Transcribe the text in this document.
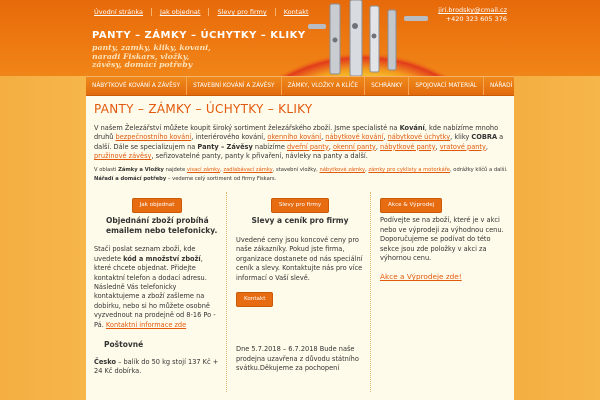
Úvodní stránka	Jak objednat	Slevy pro firmy	Kontakt	jiri.brodsky@cmail.cz
+420 323 605 376
PANTY – ZÁMKY – ÚCHYTKY – KLIKY
panty, zamky, kliky, kovani, naradi Fiskars, vložky, závěsy, domácí potřeby
NÁBYTKOVÉ KOVÁNÍ A ZÁVĚSY	STAVEBNÍ KOVÁNÍ A ZÁVĚSY	ZÁMKY, VLOŽKY A KLÍČE	SCHRÁNKY	SPOJOVACÍ MATERIÁL	NÁŘADÍ
PANTY – ZÁMKY – ÚCHYTKY – KLIKY
V našem Železářství můžete koupit široký sortiment železářského zboží. Jsme specialisté na Kování, kde nabízíme mnoho druhů bezpečnostního kování, interiérového kování, okenního kování, nábytkové kování, nábytkové úchytky, kliky COBRA a další. Dále se specializujem na Panty – Závěsy nabízíme dveřní panty, okenní panty, nábytkové panty, vratové panty, pružinové závěsy, seřizovatelné panty, panty k přivaření, návleky na panty a další.
V oblasti Zámky a Vložky najdete visací zámky, zadlabávací zámky, stavební vložky, nábytkové zámky, zámky pro cyklisty a motorkáře, odrážky klíčů a další. Nářadí a domácí potřeby – vedeme celý sortiment od firmy Fiskars.
Jak objednat
Objednání zboží probíhá emailem nebo telefonicky.
Stačí poslat seznam zboží, kde uvedete kód a množství zboží, které chcete objednat. Přidejte kontaktní telefon a dodací adresu. Následně Vás telefonicky kontaktujeme a zboží zašleme na dobírku, nebo si ho můžete osobně vyzvednout na prodejně od 8-16 Po - Pá. Kontaktní informace zde
Poštovné
Česko – balík do 50 kg stojí 137 Kč + 24 Kč dobírka.
Slevy pro firmy
Slevy a ceník pro firmy
Uvedené ceny jsou koncové ceny pro naše zákazníky. Pokud jste firma, organizace dostanete od nás speciální ceník a slevy. Kontaktujte nás pro více informací o Vaší slevě.
Kontakt
Dne 5.7.2018 – 6.7.2018 Bude naše prodejna uzavřena z důvodu státního svátku.Děkujeme za pochopení
Akce & Výprodej
Podívejte se na zboží, které je v akci nebo ve výprodeji za výhodnou cenu. Doporučujeme se podívat do této sekce jsou zde položky v akci za výhornou cenu.
Akce a Výprodeje zde!
